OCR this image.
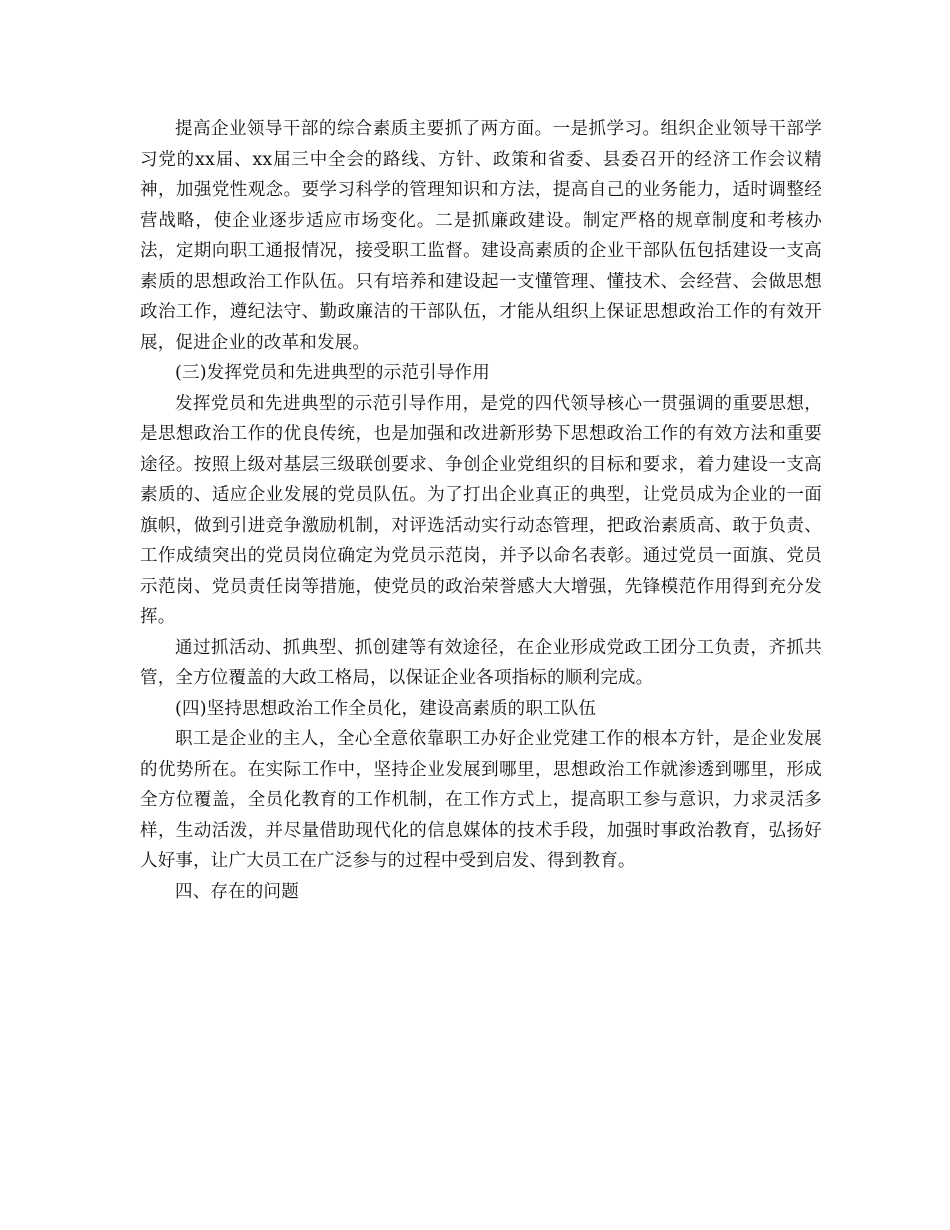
提高企业领导干部的综合素质主要抓了两方面。一是抓学习。组织企业领导干部学习党的xx届、xx届三中全会的路线、方针、政策和省委、县委召开的经济工作会议精神，加强党性观念。要学习科学的管理知识和方法，提高自己的业务能力，适时调整经营战略，使企业逐步适应市场变化。二是抓廉政建设。制定严格的规章制度和考核办法，定期向职工通报情况，接受职工监督。建设高素质的企业干部队伍包括建设一支高素质的思想政治工作队伍。只有培养和建设起一支懂管理、懂技术、会经营、会做思想政治工作，遵纪法守、勤政廉洁的干部队伍，才能从组织上保证思想政治工作的有效开展，促进企业的改革和发展。

(三)发挥党员和先进典型的示范引导作用

发挥党员和先进典型的示范引导作用，是党的四代领导核心一贯强调的重要思想，是思想政治工作的优良传统，也是加强和改进新形势下思想政治工作的有效方法和重要途径。按照上级对基层三级联创要求、争创企业党组织的目标和要求，着力建设一支高素质的、适应企业发展的党员队伍。为了打出企业真正的典型，让党员成为企业的一面旗帜，做到引进竞争激励机制，对评选活动实行动态管理，把政治素质高、敢于负责、工作成绩突出的党员岗位确定为党员示范岗，并予以命名表彰。通过党员一面旗、党员示范岗、党员责任岗等措施，使党员的政治荣誉感大大增强，先锋模范作用得到充分发挥。

通过抓活动、抓典型、抓创建等有效途径，在企业形成党政工团分工负责，齐抓共管，全方位覆盖的大政工格局，以保证企业各项指标的顺利完成。

(四)坚持思想政治工作全员化，建设高素质的职工队伍

职工是企业的主人，全心全意依靠职工办好企业党建工作的根本方针，是企业发展的优势所在。在实际工作中，坚持企业发展到哪里，思想政治工作就渗透到哪里，形成全方位覆盖，全员化教育的工作机制，在工作方式上，提高职工参与意识，力求灵活多样，生动活泼，并尽量借助现代化的信息媒体的技术手段，加强时事政治教育，弘扬好人好事，让广大员工在广泛参与的过程中受到启发、得到教育。

四、存在的问题
